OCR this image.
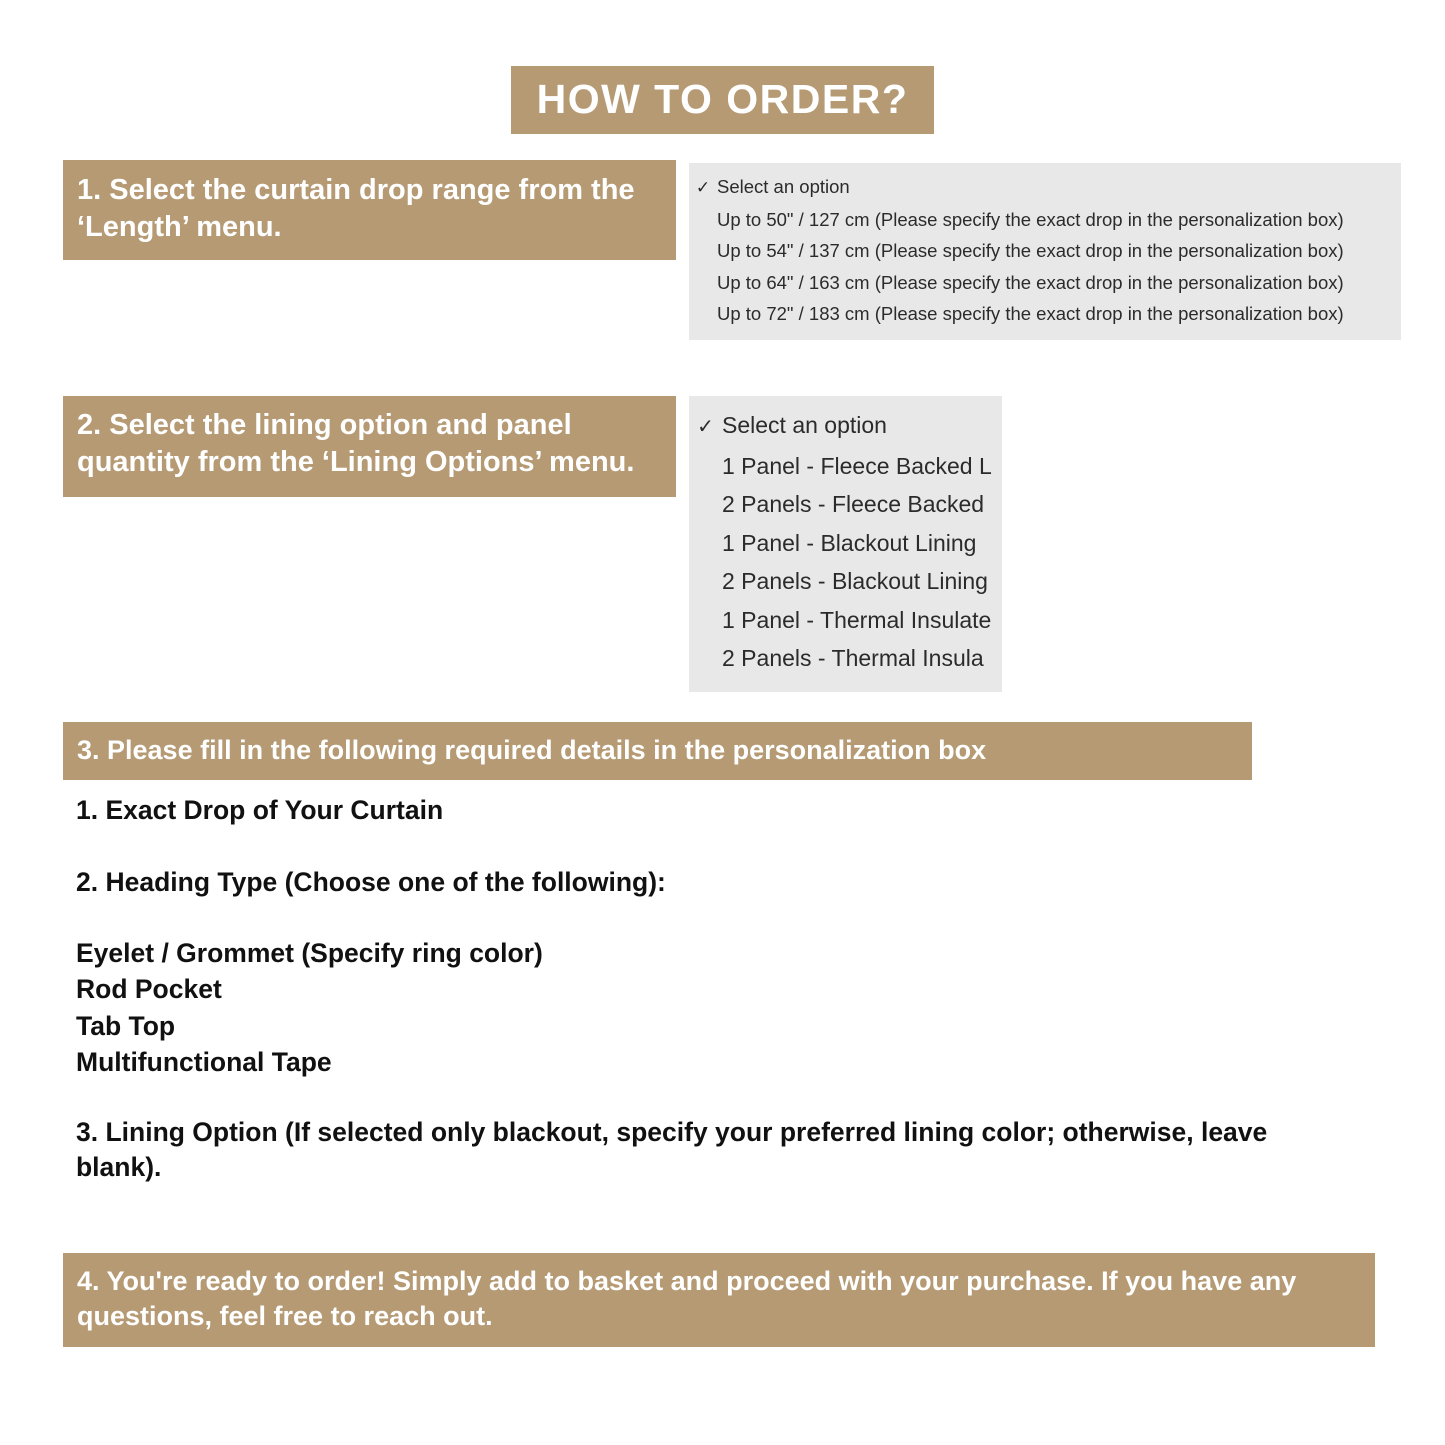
HOW TO ORDER?
1. Select the curtain drop range from the ‘Length’ menu.
✓ Select an option
Up to 50" / 127 cm (Please specify the exact drop in the personalization box)
Up to 54" / 137 cm (Please specify the exact drop in the personalization box)
Up to 64" / 163 cm (Please specify the exact drop in the personalization box)
Up to 72" / 183 cm (Please specify the exact drop in the personalization box)
2. Select the lining option and panel quantity from the ‘Lining Options’ menu.
✓ Select an option
1 Panel - Fleece Backed L
2 Panels - Fleece Backed
1 Panel - Blackout Lining
2 Panels - Blackout Lining
1 Panel - Thermal Insulate
2 Panels - Thermal Insula
3. Please fill in the following required details in the personalization box
1. Exact Drop of Your Curtain
2. Heading Type (Choose one of the following):
Eyelet / Grommet (Specify ring color)
Rod Pocket
Tab Top
Multifunctional Tape
3. Lining Option (If selected only blackout, specify your preferred lining color; otherwise, leave blank).
4. You're ready to order! Simply add to basket and proceed with your purchase. If you have any questions, feel free to reach out.
